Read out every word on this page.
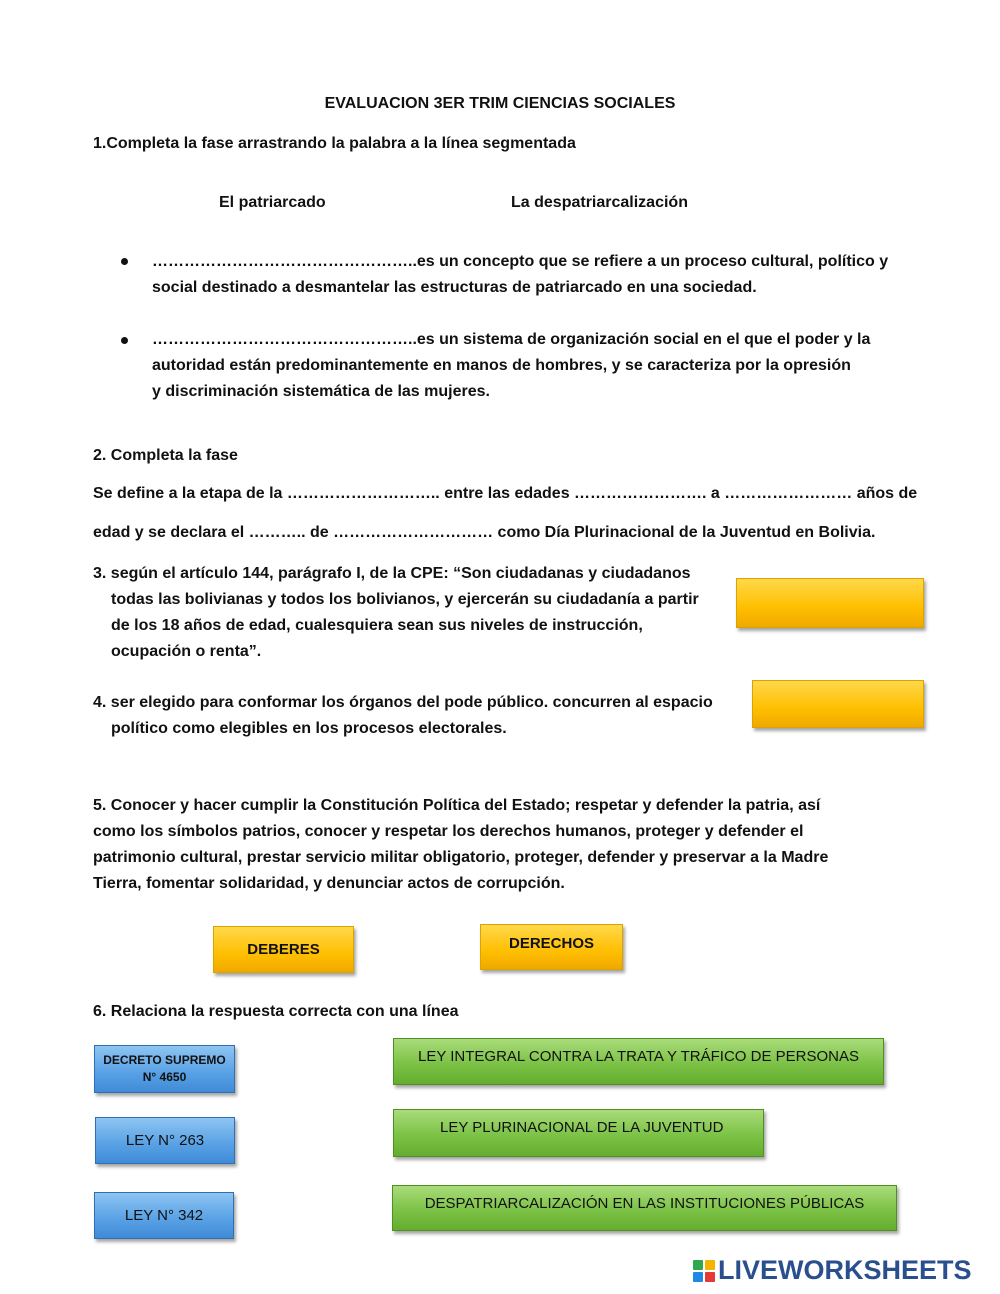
EVALUACION 3ER TRIM CIENCIAS SOCIALES
1.Completa la fase arrastrando la palabra a la línea segmentada
El patriarcado	La despatriarcalización
…………………………………………..es un concepto que se refiere a un proceso cultural, político y
social destinado a desmantelar las estructuras de patriarcado en una sociedad.
…………………………………………..es un sistema de organización social en el que el poder y la
autoridad están predominantemente en manos de hombres, y se caracteriza por la opresión
y discriminación sistemática de las mujeres.
2. Completa la fase
Se define a la etapa de la ……………………….. entre las edades ……………………. a …………………… años de
edad y se declara el ……….. de ………………………… como Día Plurinacional de la Juventud en Bolivia.
3. según el artículo 144, parágrafo I, de la CPE: “Son ciudadanas y ciudadanos
todas las bolivianas y todos los bolivianos, y ejercerán su ciudadanía a partir
de los 18 años de edad, cualesquiera sean sus niveles de instrucción,
ocupación o renta”.
4. ser elegido para conformar los órganos del pode público. concurren al espacio
político como elegibles en los procesos electorales.
5. Conocer y hacer cumplir la Constitución Política del Estado; respetar y defender la patria, así
como los símbolos patrios, conocer y respetar los derechos humanos, proteger y defender el
patrimonio cultural, prestar servicio militar obligatorio, proteger, defender y preservar a la Madre
Tierra, fomentar solidaridad, y denunciar actos de corrupción.
DEBERES	DERECHOS
6. Relaciona la respuesta correcta con una línea
DECRETO SUPREMO
N° 4650
LEY N° 263
LEY N° 342
LEY INTEGRAL CONTRA LA TRATA Y TRÁFICO DE PERSONAS
LEY PLURINACIONAL DE LA JUVENTUD
DESPATRIARCALIZACIÓN EN LAS INSTITUCIONES PÚBLICAS
LIVEWORKSHEETS
